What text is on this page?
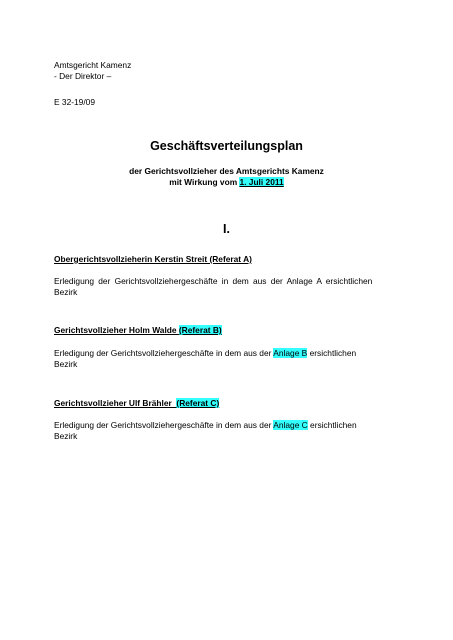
Amtsgericht Kamenz
- Der Direktor –
E 32-19/09
Geschäftsverteilungsplan
der Gerichtsvollzieher des Amtsgerichts Kamenz
mit Wirkung vom 1. Juli 2011
I.
Obergerichtsvollzieherin Kerstin Streit (Referat A)
Erledigung der Gerichtsvollziehergeschäfte in dem aus der Anlage A ersichtlichen
Bezirk
Gerichtsvollzieher Holm Walde (Referat B)
Erledigung der Gerichtsvollziehergeschäfte in dem aus der Anlage B ersichtlichen
Bezirk
Gerichtsvollzieher Ulf Brähler  (Referat C)
Erledigung der Gerichtsvollziehergeschäfte in dem aus der Anlage C ersichtlichen
Bezirk
